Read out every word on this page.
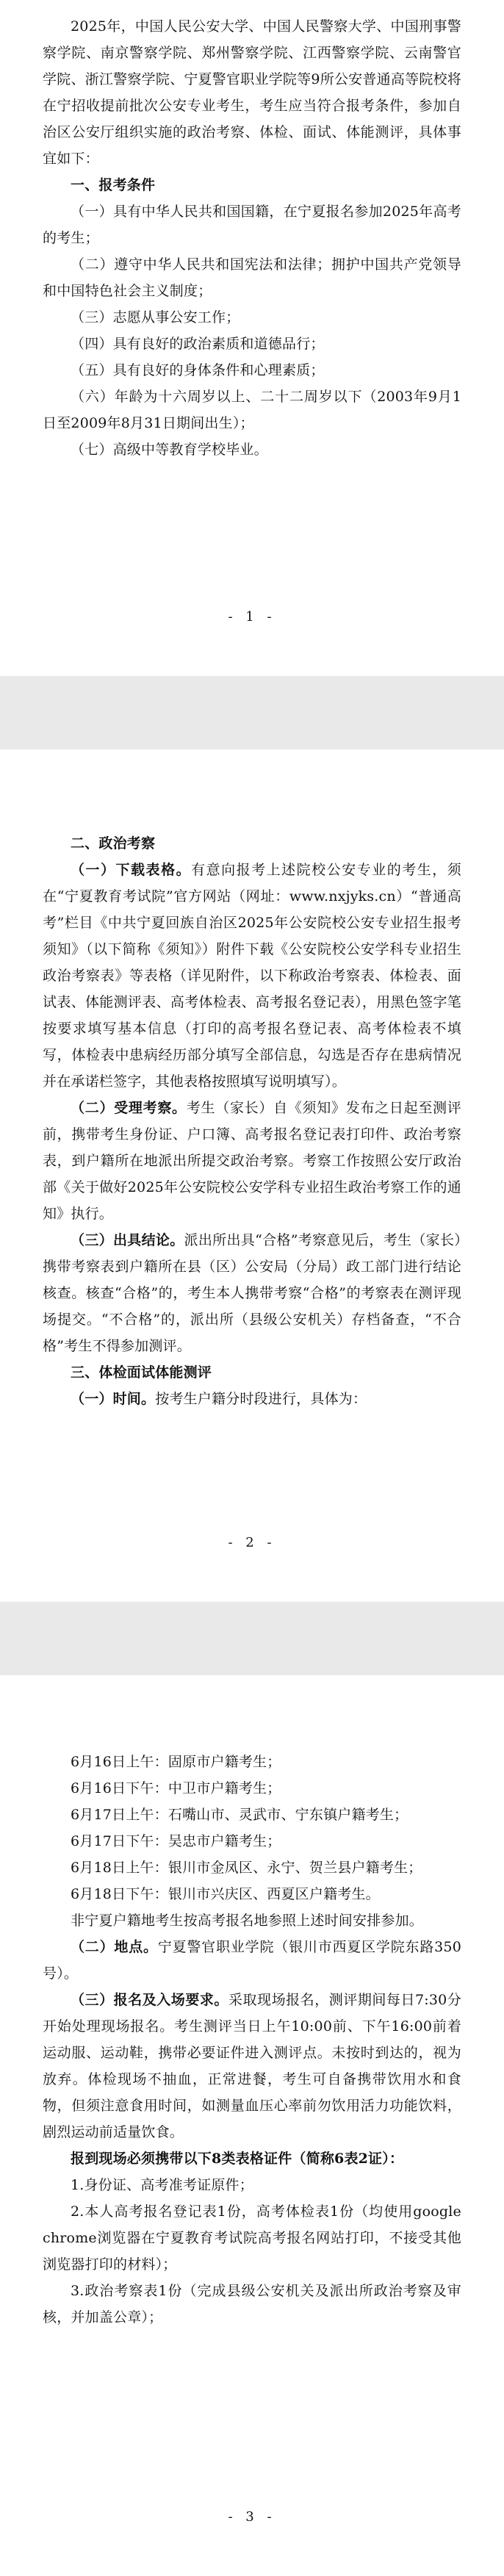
2025年，中国人民公安大学、中国人民警察大学、中国刑事警察学院、南京警察学院、郑州警察学院、江西警察学院、云南警官学院、浙江警察学院、宁夏警官职业学院等9所公安普通高等院校将在宁招收提前批次公安专业考生，考生应当符合报考条件，参加自治区公安厅组织实施的政治考察、体检、面试、体能测评，具体事宜如下：

一、报考条件

（一）具有中华人民共和国国籍，在宁夏报名参加2025年高考的考生；

（二）遵守中华人民共和国宪法和法律；拥护中国共产党领导和中国特色社会主义制度；

（三）志愿从事公安工作；

（四）具有良好的政治素质和道德品行；

（五）具有良好的身体条件和心理素质；

（六）年龄为十六周岁以上、二十二周岁以下（2003年9月1日至2009年8月31日期间出生）；

（七）高级中等教育学校毕业。

- 1 -

二、政治考察

（一）下载表格。有意向报考上述院校公安专业的考生，须在“宁夏教育考试院”官方网站（网址：www.nxjyks.cn）“普通高考”栏目《中共宁夏回族自治区2025年公安院校公安专业招生报考须知》（以下简称《须知》）附件下载《公安院校公安学科专业招生政治考察表》等表格（详见附件，以下称政治考察表、体检表、面试表、体能测评表、高考体检表、高考报名登记表），用黑色签字笔按要求填写基本信息（打印的高考报名登记表、高考体检表不填写，体检表中患病经历部分填写全部信息，勾选是否存在患病情况并在承诺栏签字，其他表格按照填写说明填写）。

（二）受理考察。考生（家长）自《须知》发布之日起至测评前，携带考生身份证、户口簿、高考报名登记表打印件、政治考察表，到户籍所在地派出所提交政治考察。考察工作按照公安厅政治部《关于做好2025年公安院校公安学科专业招生政治考察工作的通知》执行。

（三）出具结论。派出所出具“合格”考察意见后，考生（家长）携带考察表到户籍所在县（区）公安局（分局）政工部门进行结论核查。核查“合格”的，考生本人携带考察“合格”的考察表在测评现场提交。“不合格”的，派出所（县级公安机关）存档备查，“不合格”考生不得参加测评。

三、体检面试体能测评

（一）时间。按考生户籍分时段进行，具体为：

- 2 -

6月16日上午：固原市户籍考生；

6月16日下午：中卫市户籍考生；

6月17日上午：石嘴山市、灵武市、宁东镇户籍考生；

6月17日下午：吴忠市户籍考生；

6月18日上午：银川市金凤区、永宁、贺兰县户籍考生；

6月18日下午：银川市兴庆区、西夏区户籍考生。

非宁夏户籍地考生按高考报名地参照上述时间安排参加。

（二）地点。宁夏警官职业学院（银川市西夏区学院东路350号）。

（三）报名及入场要求。采取现场报名，测评期间每日7:30分开始处理现场报名。考生测评当日上午10:00前、下午16:00前着运动服、运动鞋，携带必要证件进入测评点。未按时到达的，视为放弃。体检现场不抽血，正常进餐，考生可自备携带饮用水和食物，但须注意食用时间，如测量血压心率前勿饮用活力功能饮料，剧烈运动前适量饮食。

报到现场必须携带以下8类表格证件（简称6表2证）：

1.身份证、高考准考证原件；

2.本人高考报名登记表1份，高考体检表1份（均使用google chrome浏览器在宁夏教育考试院高考报名网站打印，不接受其他浏览器打印的材料）；

3.政治考察表1份（完成县级公安机关及派出所政治考察及审核，并加盖公章）；

- 3 -
